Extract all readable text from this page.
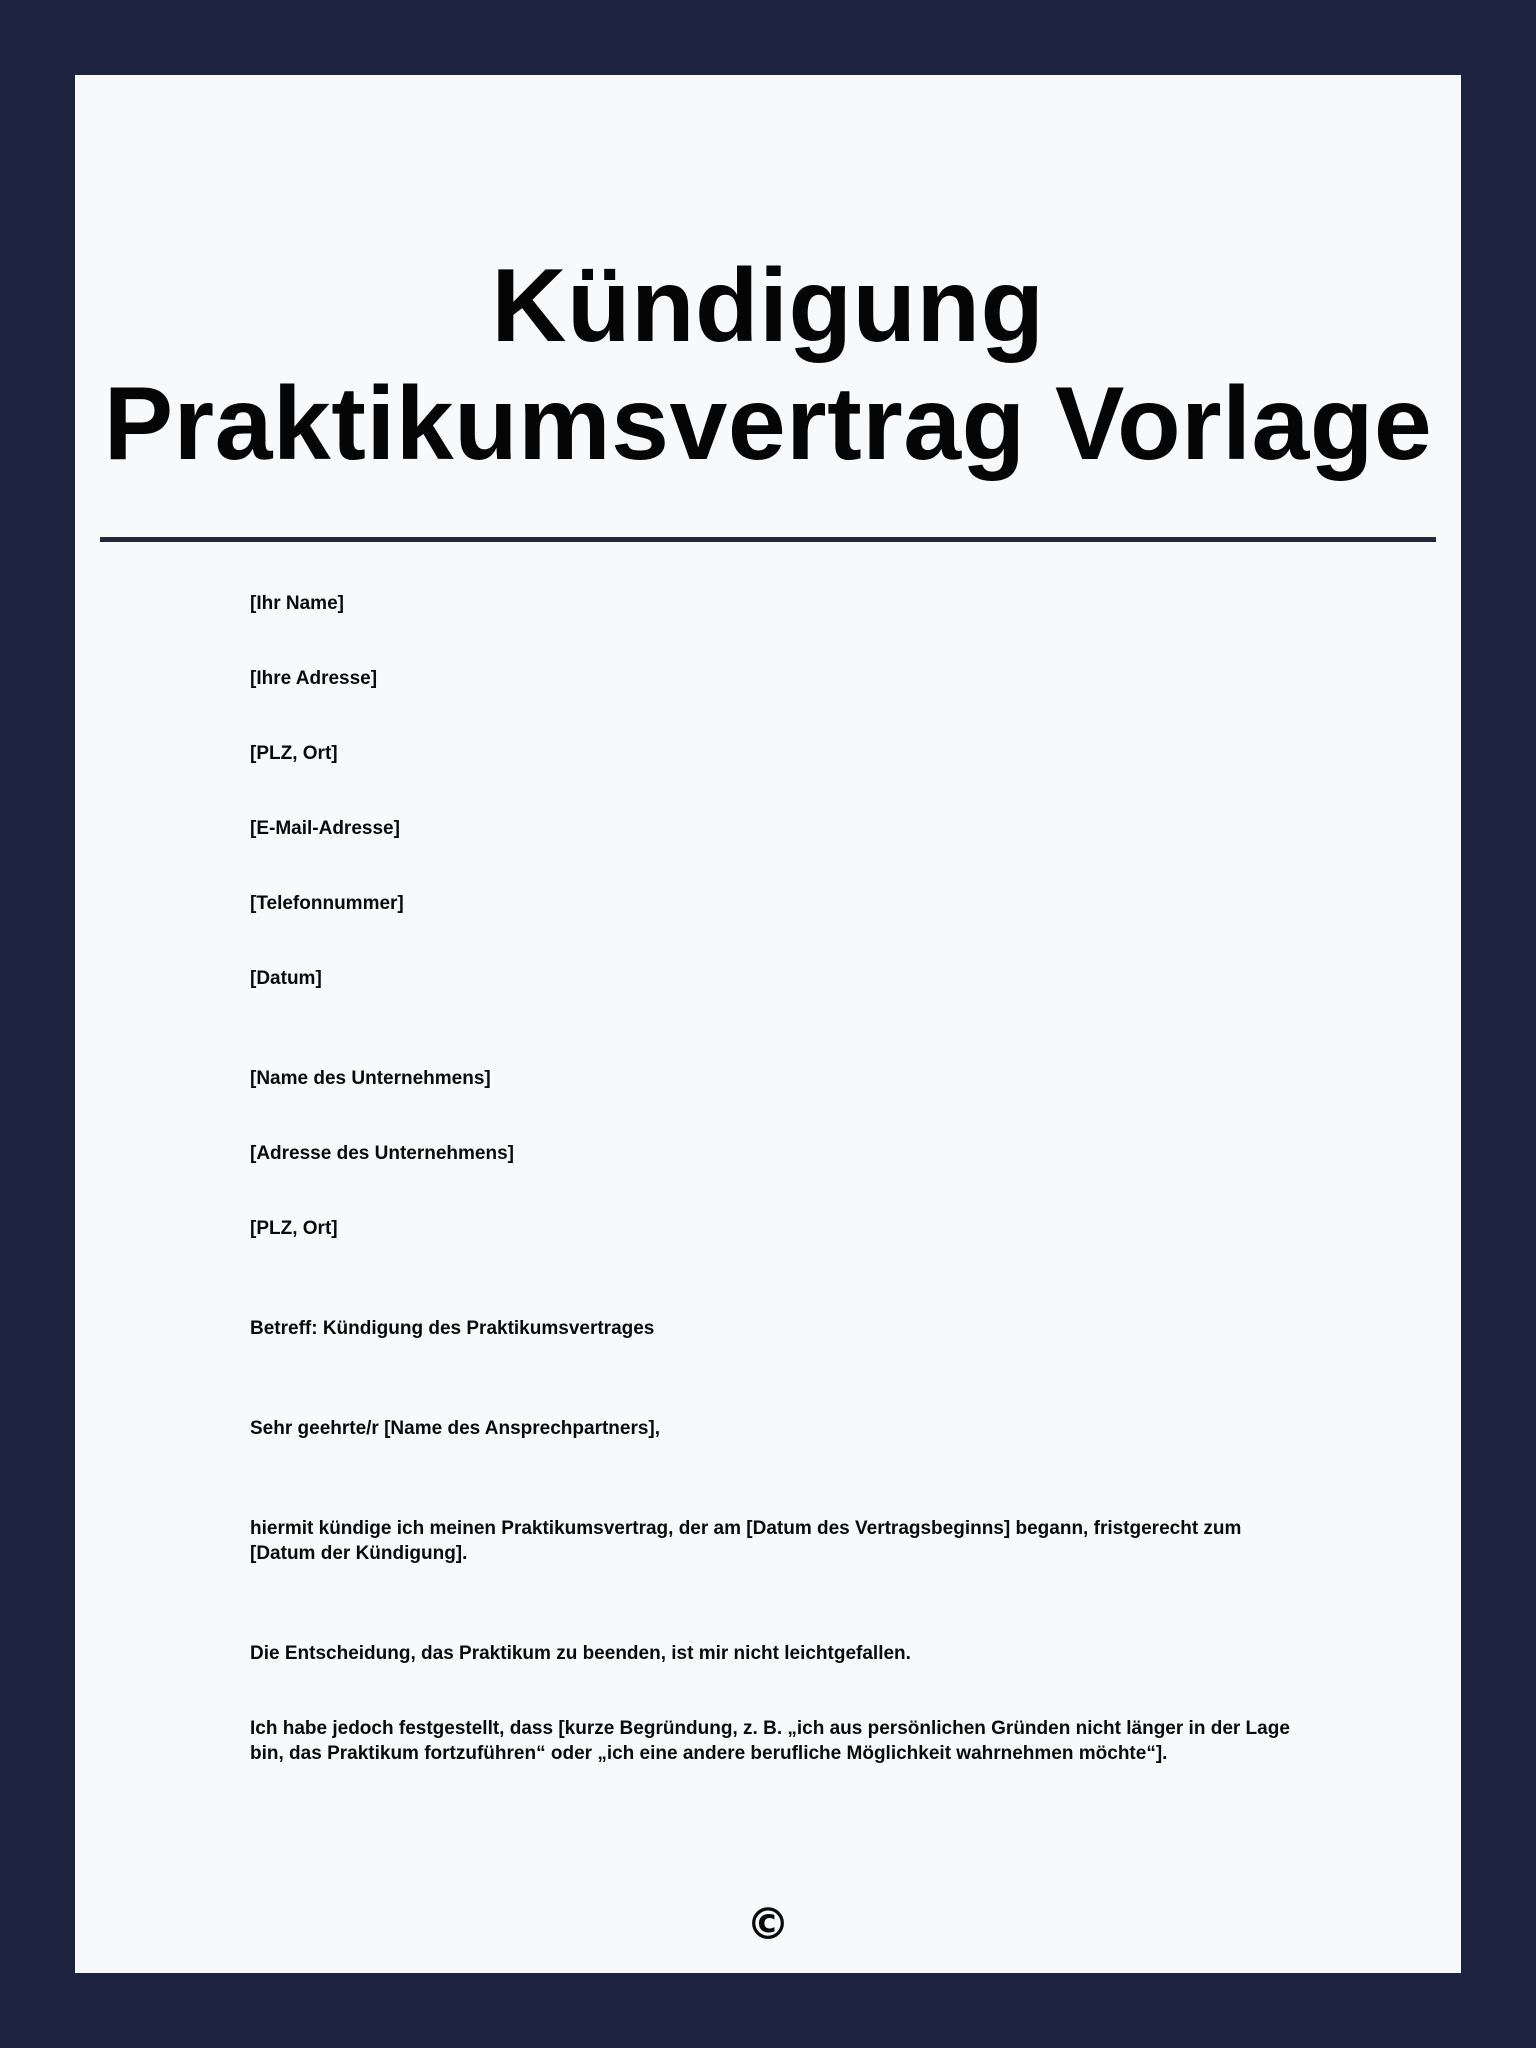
Kündigung
Praktikumsvertrag Vorlage

[Ihr Name]

[Ihre Adresse]

[PLZ, Ort]

[E-Mail-Adresse]

[Telefonnummer]

[Datum]

[Name des Unternehmens]

[Adresse des Unternehmens]

[PLZ, Ort]

Betreff: Kündigung des Praktikumsvertrages

Sehr geehrte/r [Name des Ansprechpartners],

hiermit kündige ich meinen Praktikumsvertrag, der am [Datum des Vertragsbeginns] begann, fristgerecht zum [Datum der Kündigung].

Die Entscheidung, das Praktikum zu beenden, ist mir nicht leichtgefallen.

Ich habe jedoch festgestellt, dass [kurze Begründung, z. B. „ich aus persönlichen Gründen nicht länger in der Lage bin, das Praktikum fortzuführen“ oder „ich eine andere berufliche Möglichkeit wahrnehmen möchte“].

©
